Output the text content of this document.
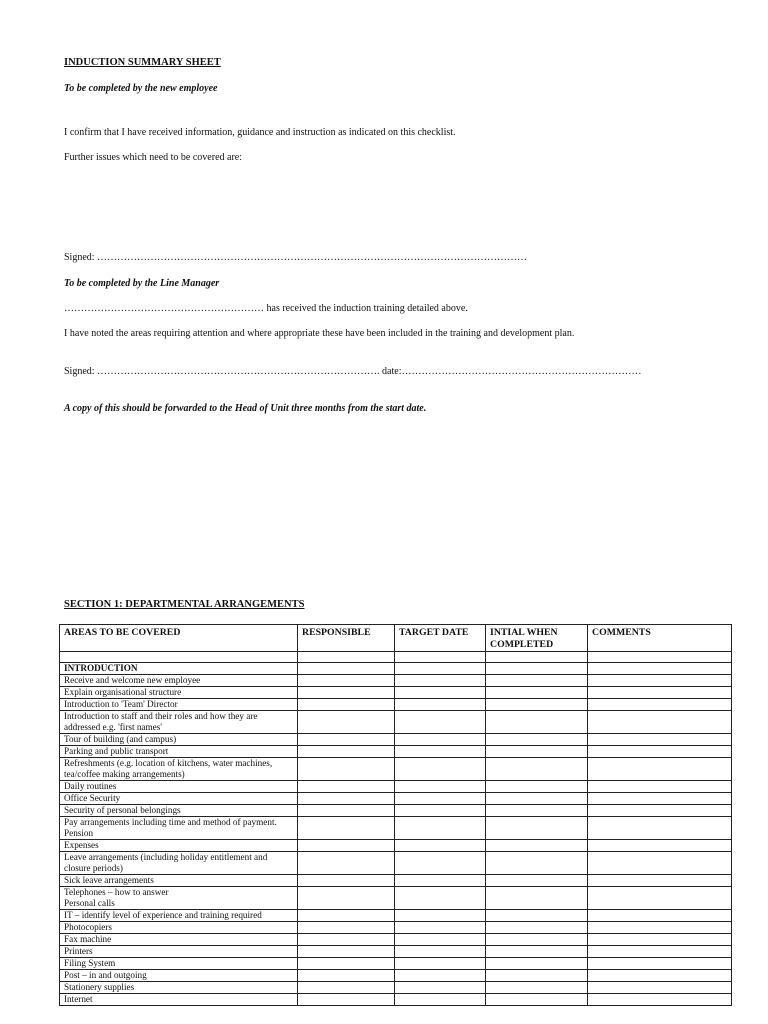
INDUCTION SUMMARY SHEET
To be completed by the new employee
I confirm that I have received information, guidance and instruction as indicated on this checklist.
Further issues which need to be covered are:
Signed: …………………………………………………………………………………………………………………
To be completed by the Line Manager
…………………………………………………… has received the induction training detailed above.
I have noted the areas requiring attention and where appropriate these have been included in the training and development plan.
Signed: …………………………………………………………………………. date:………………………………………………………………
A copy of this should be forwarded to the Head of Unit three months from the start date.
SECTION 1: DEPARTMENTAL ARRANGEMENTS
AREAS TO BE COVERED	RESPONSIBLE	TARGET DATE	INTIAL WHEN COMPLETED	COMMENTS

INTRODUCTION				
Receive and welcome new employee				
Explain organisational structure				
Introduction to 'Team' Director				
Introduction to staff and their roles and how they are addressed e.g. 'first names'				
Tour of building (and campus)				
Parking and public transport				
Refreshments (e.g. location of kitchens, water machines, tea/coffee making arrangements)				
Daily routines				
Office Security				
Security of personal belongings				
Pay arrangements including time and method of payment. Pension				
Expenses				
Leave arrangements (including holiday entitlement and closure periods)				
Sick leave arrangements				
Telephones – how to answer
Personal calls				
IT – identify level of experience and training required				
Photocopiers				
Fax machine				
Printers				
Filing System				
Post – in and outgoing				
Stationery supplies				
Internet				
